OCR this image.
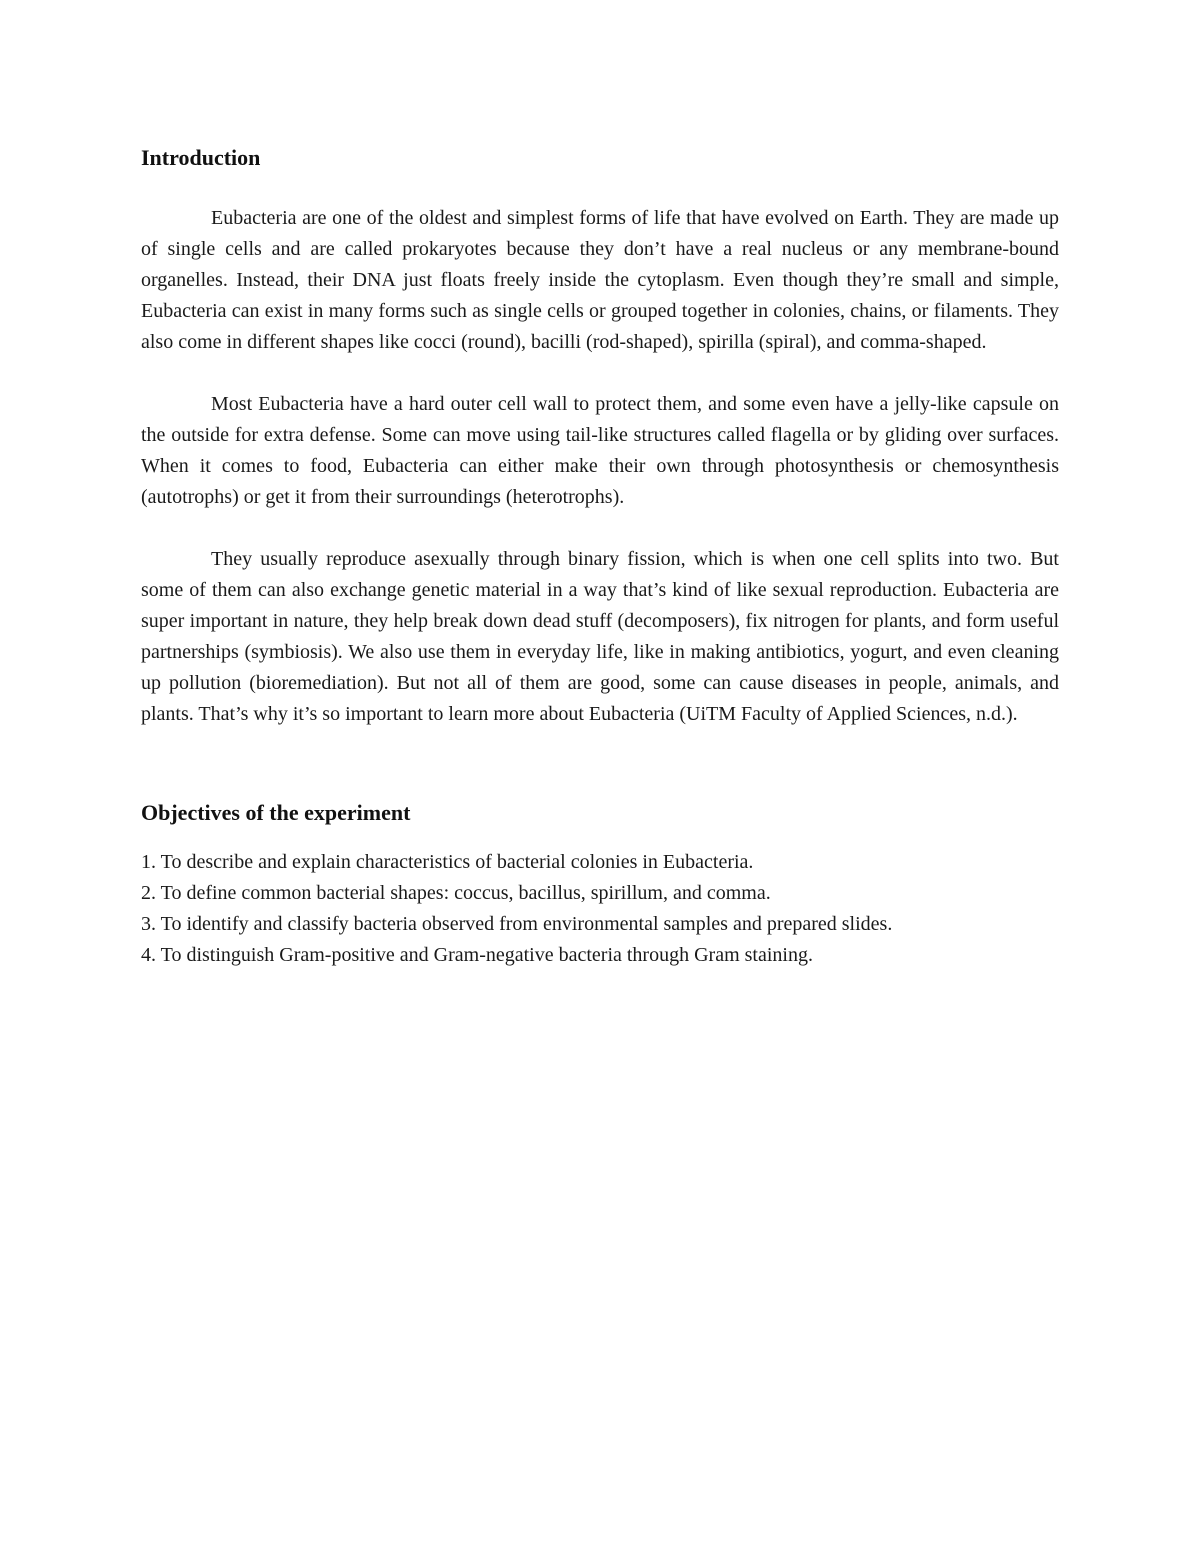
Introduction

Eubacteria are one of the oldest and simplest forms of life that have evolved on Earth. They are made up of single cells and are called prokaryotes because they don’t have a real nucleus or any membrane-bound organelles. Instead, their DNA just floats freely inside the cytoplasm. Even though they’re small and simple, Eubacteria can exist in many forms such as single cells or grouped together in colonies, chains, or filaments. They also come in different shapes like cocci (round), bacilli (rod-shaped), spirilla (spiral), and comma-shaped.

Most Eubacteria have a hard outer cell wall to protect them, and some even have a jelly-like capsule on the outside for extra defense. Some can move using tail-like structures called flagella or by gliding over surfaces. When it comes to food, Eubacteria can either make their own through photosynthesis or chemosynthesis (autotrophs) or get it from their surroundings (heterotrophs).

They usually reproduce asexually through binary fission, which is when one cell splits into two. But some of them can also exchange genetic material in a way that’s kind of like sexual reproduction. Eubacteria are super important in nature, they help break down dead stuff (decomposers), fix nitrogen for plants, and form useful partnerships (symbiosis). We also use them in everyday life, like in making antibiotics, yogurt, and even cleaning up pollution (bioremediation). But not all of them are good, some can cause diseases in people, animals, and plants. That’s why it’s so important to learn more about Eubacteria (UiTM Faculty of Applied Sciences, n.d.).

Objectives of the experiment
1. To describe and explain characteristics of bacterial colonies in Eubacteria.
2. To define common bacterial shapes: coccus, bacillus, spirillum, and comma.
3. To identify and classify bacteria observed from environmental samples and prepared slides.
4. To distinguish Gram-positive and Gram-negative bacteria through Gram staining.
